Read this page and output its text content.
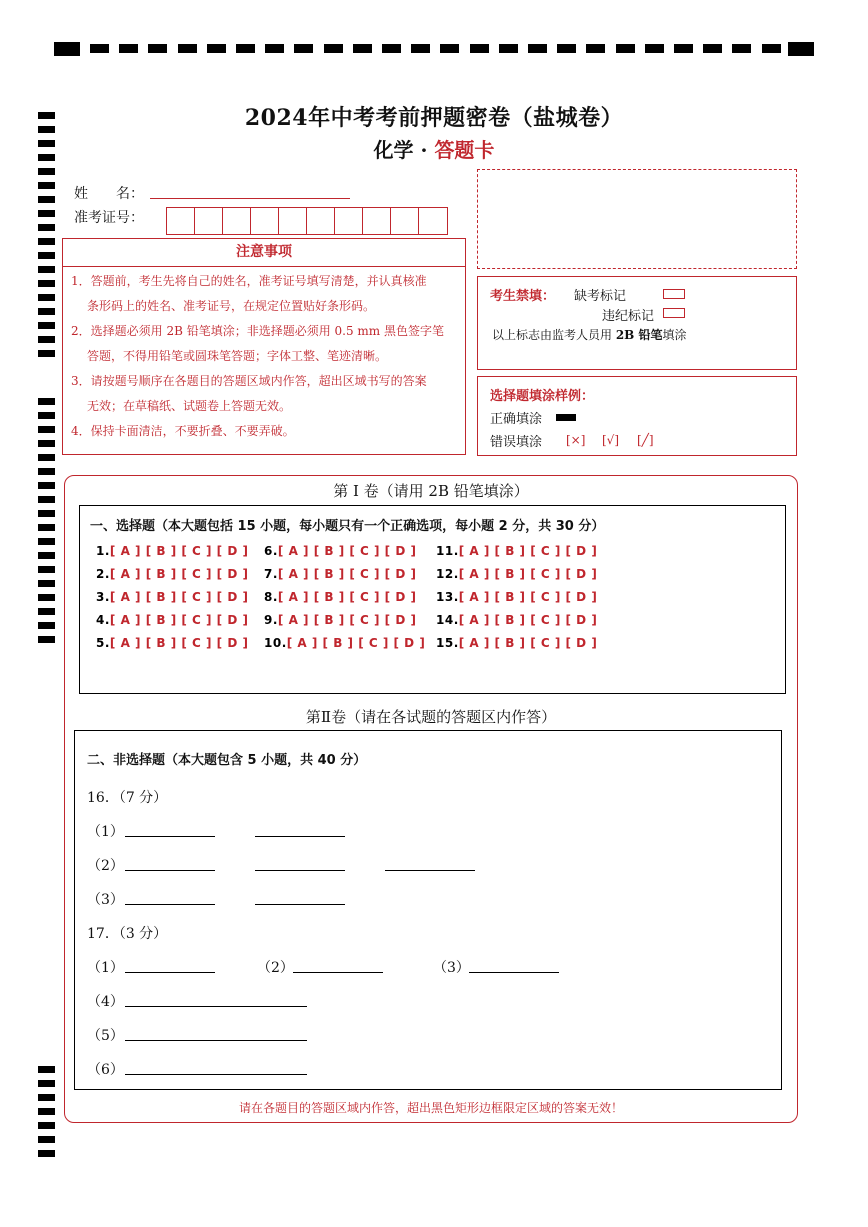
2024年中考考前押题密卷（盐城卷）
化学 · 答题卡
姓　　名：
准考证号：
注意事项
1．答题前，考生先将自己的姓名，准考证号填写清楚，并认真核准
条形码上的姓名、准考证号，在规定位置贴好条形码。
2．选择题必须用 2B 铅笔填涂；非选择题必须用 0.5 mm 黑色签字笔
答题，不得用铅笔或圆珠笔答题；字体工整、笔迹清晰。
3．请按题号顺序在各题目的答题区域内作答，超出区域书写的答案
无效；在草稿纸、试题卷上答题无效。
4．保持卡面清洁，不要折叠、不要弄破。
考生禁填： 缺考标记
违纪标记
以上标志由监考人员用 2B 铅笔填涂
选择题填涂样例：
正确填涂
错误填涂 [×] [√] [╱]
第 I 卷（请用 2B 铅笔填涂）
一、选择题（本大题包括 15 小题，每小题只有一个正确选项，每小题 2 分，共 30 分）
1.[ A ] [ B ] [ C ] [ D ]
2.[ A ] [ B ] [ C ] [ D ]
3.[ A ] [ B ] [ C ] [ D ]
4.[ A ] [ B ] [ C ] [ D ]
5.[ A ] [ B ] [ C ] [ D ]
6.[ A ] [ B ] [ C ] [ D ]
7.[ A ] [ B ] [ C ] [ D ]
8.[ A ] [ B ] [ C ] [ D ]
9.[ A ] [ B ] [ C ] [ D ]
10.[ A ] [ B ] [ C ] [ D ]
11.[ A ] [ B ] [ C ] [ D ]
12.[ A ] [ B ] [ C ] [ D ]
13.[ A ] [ B ] [ C ] [ D ]
14.[ A ] [ B ] [ C ] [ D ]
15.[ A ] [ B ] [ C ] [ D ]
第Ⅱ卷（请在各试题的答题区内作答）
二、非选择题（本大题包含 5 小题，共 40 分）
16．（7 分）
（1）
（2）
（3）
17．（3 分）
（1）	（2）	（3）
（4）
（5）
（6）
请在各题目的答题区域内作答，超出黑色矩形边框限定区域的答案无效！
